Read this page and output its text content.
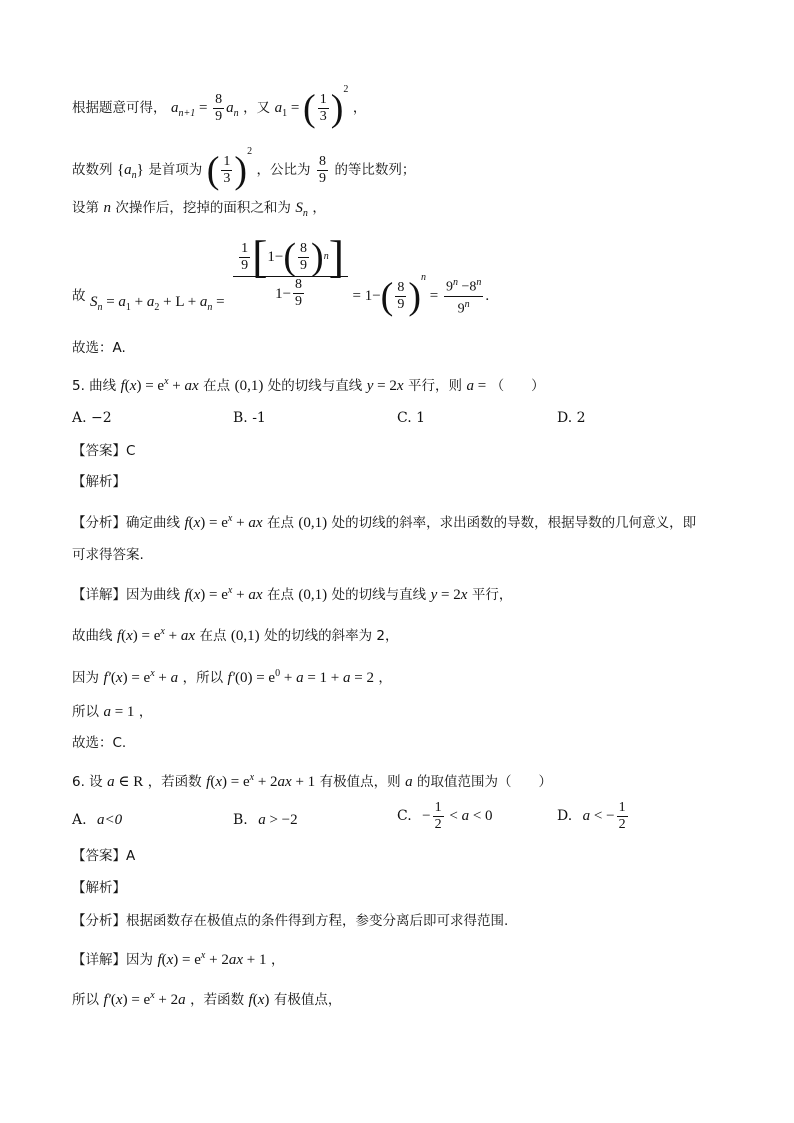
根据题意可得， $a_{n+1} = \frac{8}{9} a_n$ ，又 $a_1$ = ( $\frac{1}{3} )^2$ ，
故数列 $\{a_n\}$ 是首项为 ( $\frac{1}{3} )^2$ ，公比为 $\frac{8}{9}$ 的等比数列；
设第 n 次操作后，挖掉的面积之和为 $S_n$ ，
故 $S_n = a_1 + a_2 + L + a_n = \frac{\frac{1}{9} [ 1- ( \frac{8}{9} ) n ]}{1- \frac{8}{9}} = 1-( \frac{8}{9} )^n = \frac{9^n -8^n}{9^n}$ .
故选：A.
5. 曲线 $f(x) = e^x$ + ax 在点 (0,1) 处的切线与直线 y = 2x 平行，则 a = （　　）
A. −2	B. -1	C. 1	D. 2
【答案】C
【解析】
【分析】确定曲线 $f(x) = e^x$ + ax 在点 (0,1) 处的切线的斜率，求出函数的导数，根据导数的几何意义，即
可求得答案.
【详解】因为曲线 $f(x) = e^x$ + ax 在点 (0,1) 处的切线与直线 y = 2x 平行，
故曲线 $f(x) = e^x$ + ax 在点 (0,1) 处的切线的斜率为 2，
因为 $f'(x) = e^x + a$ ，所以 $f'(0) = e^0 + a = 1 + a = 2$ ，
所以 a = 1 ，
故选：C.
6. 设 a ∈ R ，若函数 $f(x) = e^x + 2ax + 1$ 有极值点，则 a 的取值范围为（　　）
A. a<0	B. a > −2	C. − $\frac{1}{2} < a < 0$	D. a < − $\frac{1}{2}$
【答案】A
【解析】
【分析】根据函数存在极值点的条件得到方程，参变分离后即可求得范围.
【详解】因为 $f(x) = e^x + 2ax + 1$ ，
所以 $f'(x) = e^x + 2a$ ，若函数 f(x) 有极值点，
